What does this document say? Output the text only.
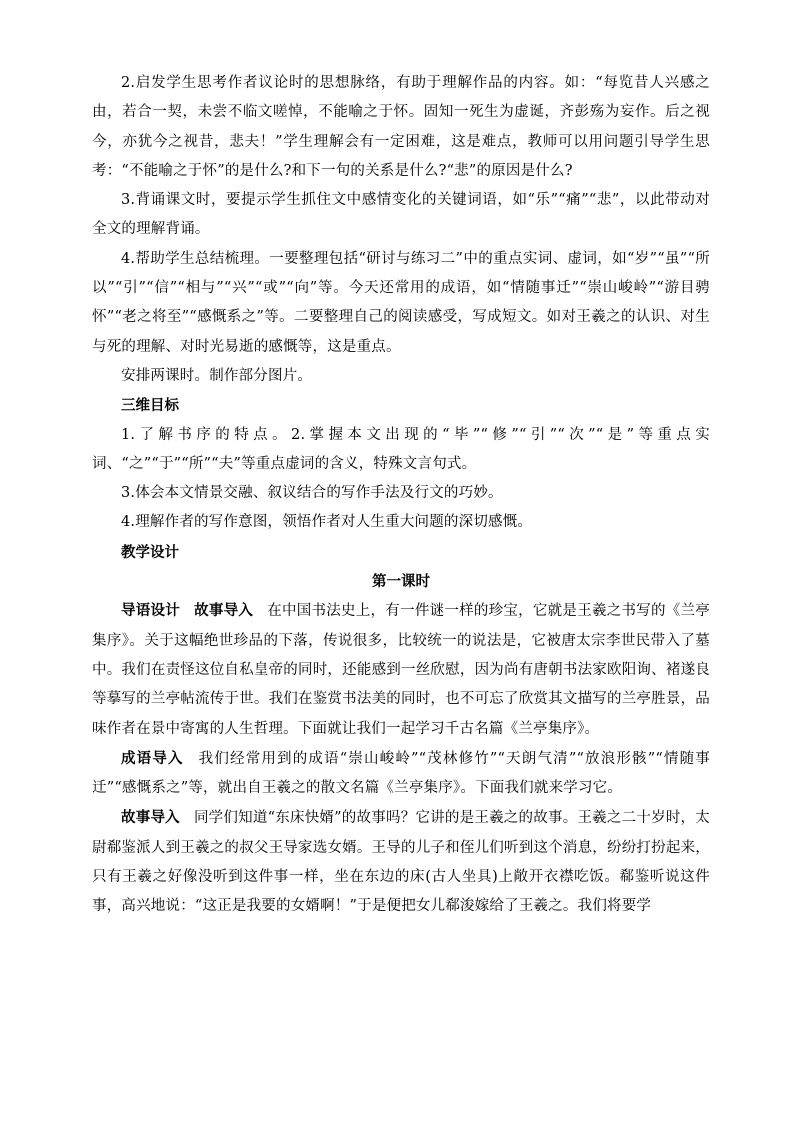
2.启发学生思考作者议论时的思想脉络，有助于理解作品的内容。如：“每览昔人兴感之由，若合一契，未尝不临文嗟悼，不能喻之于怀。固知一死生为虚诞，齐彭殇为妄作。后之视今，亦犹今之视昔，悲夫！”学生理解会有一定困难，这是难点，教师可以用问题引导学生思考：“不能喻之于怀”的是什么?和下一句的关系是什么?“悲”的原因是什么?

3.背诵课文时，要提示学生抓住文中感情变化的关键词语，如“乐”“痛”“悲”，以此带动对全文的理解背诵。

4.帮助学生总结梳理。一要整理包括“研讨与练习二”中的重点实词、虚词，如“岁”“虽”“所以”“引”“信”“相与”“兴”“或”“向”等。今天还常用的成语，如“情随事迁”“崇山峻岭”“游目骋怀”“老之将至”“感慨系之”等。二要整理自己的阅读感受，写成短文。如对王羲之的认识、对生与死的理解、对时光易逝的感慨等，这是重点。

安排两课时。制作部分图片。

三维目标

1.了解书序的特点。2.掌握本文出现的“毕”“修”“引”“次”“是”等重点实词、“之”“于”“所”“夫”等重点虚词的含义，特殊文言句式。

3.体会本文情景交融、叙议结合的写作手法及行文的巧妙。

4.理解作者的写作意图，领悟作者对人生重大问题的深切感慨。

教学设计

第一课时

导语设计 故事导入 在中国书法史上，有一件谜一样的珍宝，它就是王羲之书写的《兰亭集序》。关于这幅绝世珍品的下落，传说很多，比较统一的说法是，它被唐太宗李世民带入了墓中。我们在责怪这位自私皇帝的同时，还能感到一丝欣慰，因为尚有唐朝书法家欧阳询、褚遂良等摹写的兰亭帖流传于世。我们在鉴赏书法美的同时，也不可忘了欣赏其文描写的兰亭胜景，品味作者在景中寄寓的人生哲理。下面就让我们一起学习千古名篇《兰亭集序》。

成语导入 我们经常用到的成语“崇山峻岭”“茂林修竹”“天朗气清”“放浪形骸”“情随事迁”“感慨系之”等，就出自王羲之的散文名篇《兰亭集序》。下面我们就来学习它。

故事导入 同学们知道“东床快婿”的故事吗？它讲的是王羲之的故事。王羲之二十岁时，太尉郗鉴派人到王羲之的叔父王导家选女婿。王导的儿子和侄儿们听到这个消息，纷纷打扮起来，只有王羲之好像没听到这件事一样，坐在东边的床(古人坐具)上敞开衣襟吃饭。郗鉴听说这件事，高兴地说：“这正是我要的女婿啊！”于是便把女儿郗浚嫁给了王羲之。我们将要学
